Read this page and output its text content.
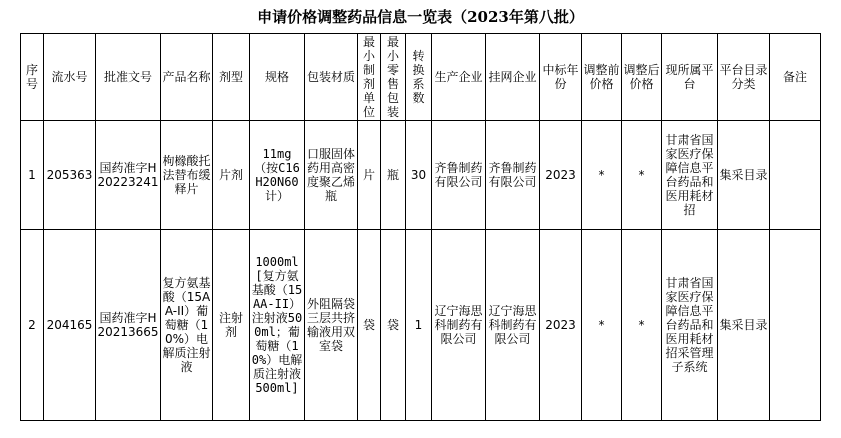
申请价格调整药品信息一览表（2023年第八批）
序号	流水号	批准文号	产品名称	剂型	规格	包装材质	最小制剂单位	最小零售包装	转换系数	生产企业	挂网企业	中标年份	调整前价格	调整后价格	现所属平台	平台目录分类	备注

1	205363	国药准字H20223241	枸橼酸托法替布缓释片	片剂	11mg（按C16H20N60计）	口服固体药用高密度聚乙烯瓶	片	瓶	30	齐鲁制药有限公司	齐鲁制药有限公司	2023	*	*	甘肃省国家医疗保障信息平台药品和医用耗材招	集采目录	
2	204165	国药准字H20213665	复方氨基酸（15AA-II）葡萄糖（10%）电解质注射液	注射剂	1000ml[复方氨基酸（15AA-II）注射液500ml；葡萄糖（10%）电解质注射液500ml]	外阻隔袋三层共挤输液用双室袋	袋	袋	1	辽宁海思科制药有限公司	辽宁海思科制药有限公司	2023	*	*	甘肃省国家医疗保障信息平台药品和医用耗材招采管理子系统	集采目录	
